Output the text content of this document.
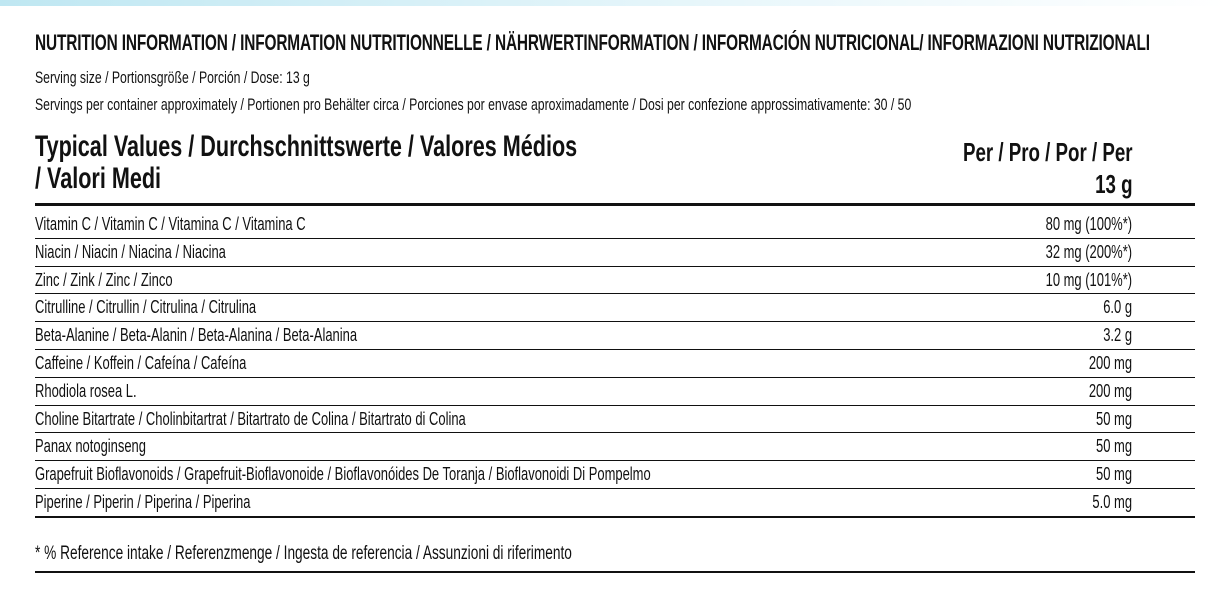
NUTRITION INFORMATION / INFORMATION NUTRITIONNELLE / NÄHRWERTINFORMATION / INFORMACIÓN NUTRICIONAL/ INFORMAZIONI NUTRIZIONALI
Serving size / Portionsgröße / Porción / Dose: 13 g
Servings per container approximately / Portionen pro Behälter circa / Porciones por envase aproximadamente / Dosi per confezione approssimativamente: 30 / 50
Typical Values / Durchschnittswerte / Valores Médios
/ Valori Medi
Per / Pro / Por / Per
13 g
Vitamin C / Vitamin C / Vitamina C / Vitamina C	80 mg (100%*)
Niacin / Niacin / Niacina / Niacina	32 mg (200%*)
Zinc / Zink / Zinc / Zinco	10 mg (101%*)
Citrulline / Citrullin / Citrulina / Citrulina	6.0 g
Beta-Alanine / Beta-Alanin / Beta-Alanina / Beta-Alanina	3.2 g
Caffeine / Koffein / Cafeína / Cafeína	200 mg
Rhodiola rosea L.	200 mg
Choline Bitartrate / Cholinbitartrat / Bitartrato de Colina / Bitartrato di Colina	50 mg
Panax notoginseng	50 mg
Grapefruit Bioflavonoids / Grapefruit-Bioflavonoide / Bioflavonóides De Toranja / Bioflavonoidi Di Pompelmo	50 mg
Piperine / Piperin / Piperina / Piperina	5.0 mg
* % Reference intake / Referenzmenge / Ingesta de referencia / Assunzioni di riferimento
